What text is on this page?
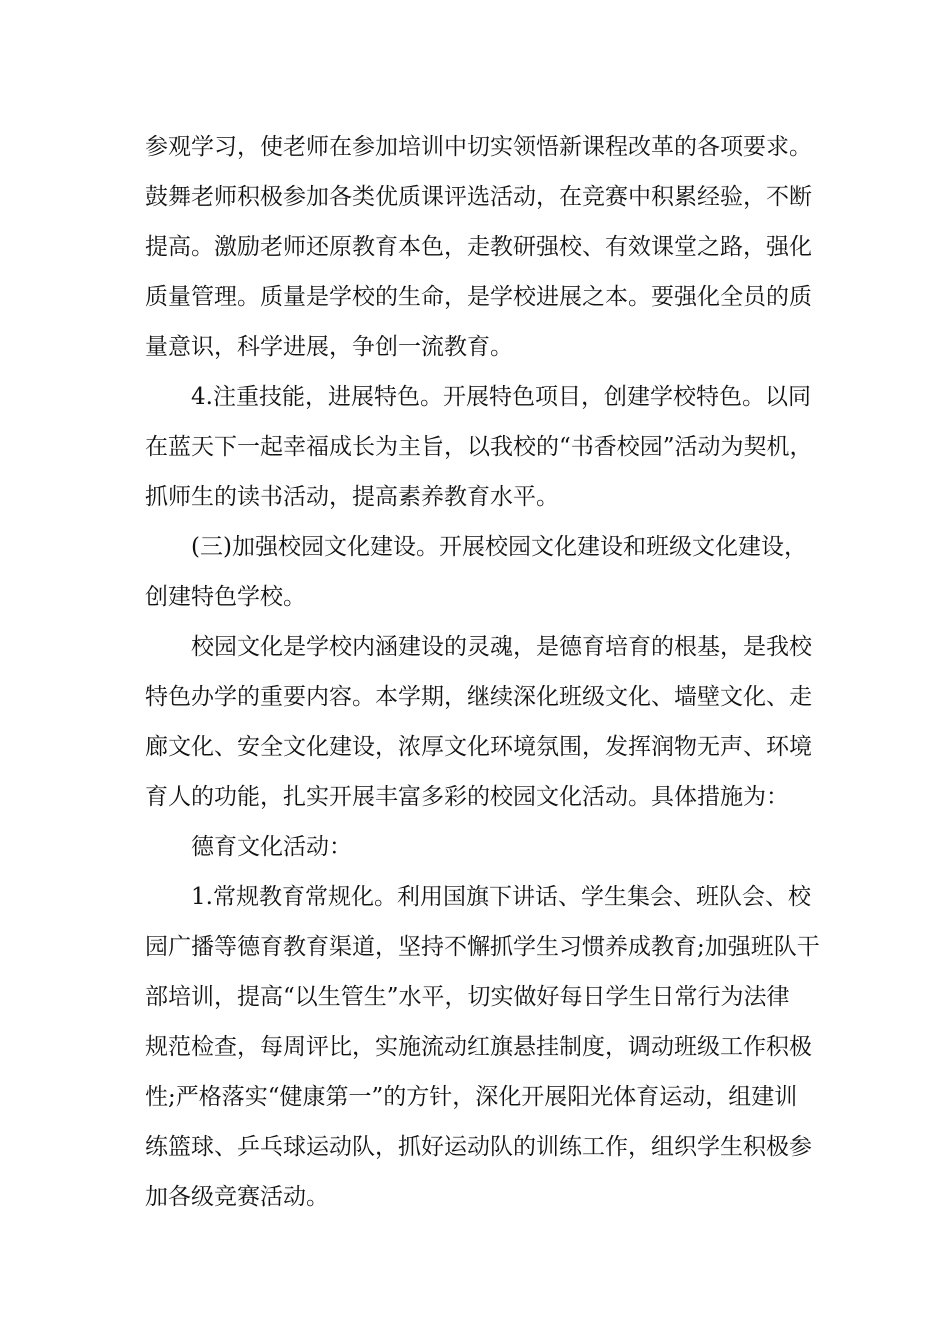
参观学习，使老师在参加培训中切实领悟新课程改革的各项要求。
鼓舞老师积极参加各类优质课评选活动，在竞赛中积累经验，不断
提高。激励老师还原教育本色，走教研强校、有效课堂之路，强化
质量管理。质量是学校的生命，是学校进展之本。要强化全员的质
量意识，科学进展，争创一流教育。
4.注重技能，进展特色。开展特色项目，创建学校特色。以同
在蓝天下一起幸福成长为主旨，以我校的“书香校园”活动为契机，
抓师生的读书活动，提高素养教育水平。
(三)加强校园文化建设。开展校园文化建设和班级文化建设，
创建特色学校。
校园文化是学校内涵建设的灵魂，是德育培育的根基，是我校
特色办学的重要内容。本学期，继续深化班级文化、墙壁文化、走
廊文化、安全文化建设，浓厚文化环境氛围，发挥润物无声、环境
育人的功能，扎实开展丰富多彩的校园文化活动。具体措施为：
德育文化活动：
1.常规教育常规化。利用国旗下讲话、学生集会、班队会、校
园广播等德育教育渠道，坚持不懈抓学生习惯养成教育;加强班队干
部培训，提高“以生管生”水平，切实做好每日学生日常行为法律
规范检查，每周评比，实施流动红旗悬挂制度，调动班级工作积极
性;严格落实“健康第一”的方针，深化开展阳光体育运动，组建训
练篮球、乒乓球运动队，抓好运动队的训练工作，组织学生积极参
加各级竞赛活动。
